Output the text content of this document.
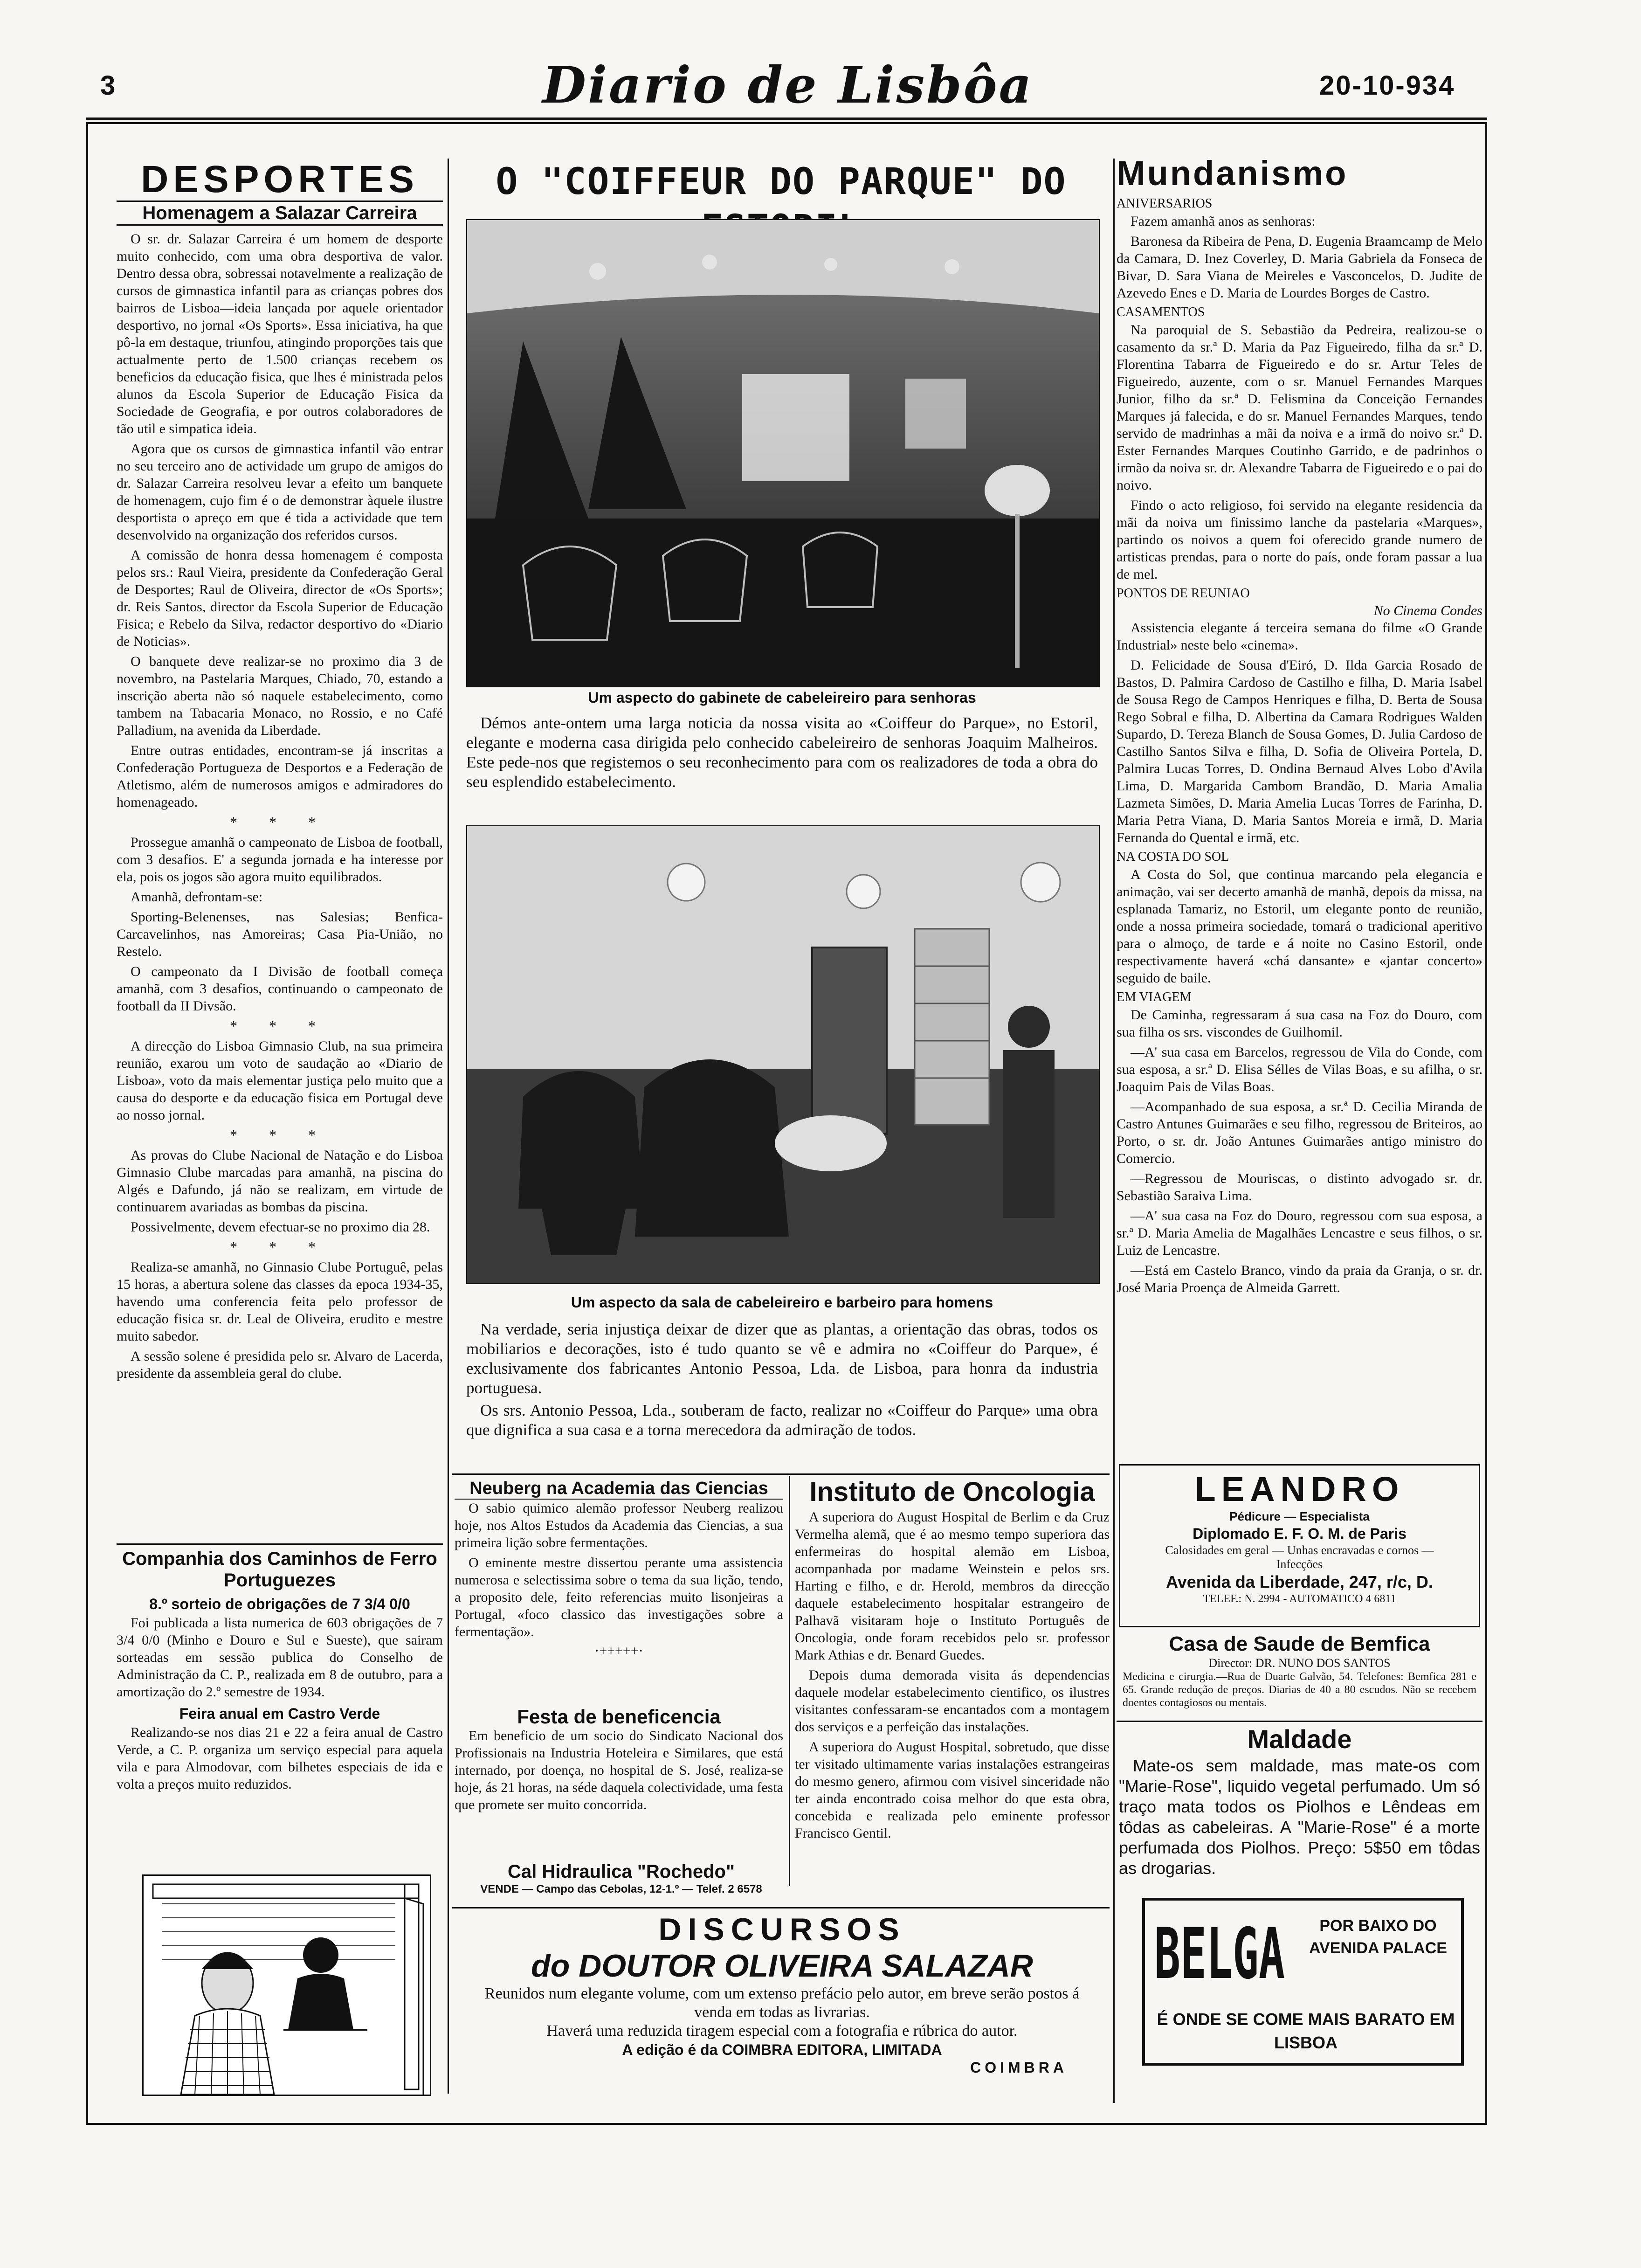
3	Diario de Lisbôa	20-10-934
DESPORTES
Homenagem a Salazar Carreira

O sr. dr. Salazar Carreira é um homem de desporte muito conhecido, com uma obra desportiva de valor. Dentro dessa obra, sobressai notavelmente a realização de cursos de gimnastica infantil para as crianças pobres dos bairros de Lisboa—ideia lançada por aquele orientador desportivo, no jornal «Os Sports». Essa iniciativa, ha que pô-la em destaque, triunfou, atingindo proporções tais que actualmente perto de 1.500 crianças recebem os beneficios da educação fisica, que lhes é ministrada pelos alunos da Escola Superior de Educação Fisica da Sociedade de Geografia, e por outros colaboradores de tão util e simpatica ideia.

Agora que os cursos de gimnastica infantil vão entrar no seu terceiro ano de actividade um grupo de amigos do dr. Salazar Carreira resolveu levar a efeito um banquete de homenagem, cujo fim é o de demonstrar àquele ilustre desportista o apreço em que é tida a actividade que tem desenvolvido na organização dos referidos cursos.

A comissão de honra dessa homenagem é composta pelos srs.: Raul Vieira, presidente da Confederação Geral de Desportes; Raul de Oliveira, director de «Os Sports»; dr. Reis Santos, director da Escola Superior de Educação Fisica; e Rebelo da Silva, redactor desportivo do «Diario de Noticias».

O banquete deve realizar-se no proximo dia 3 de novembro, na Pastelaria Marques, Chiado, 70, estando a inscrição aberta não só naquele estabelecimento, como tambem na Tabacaria Monaco, no Rossio, e no Café Palladium, na avenida da Liberdade.

Entre outras entidades, encontram-se já inscritas a Confederação Portugueza de Desportos e a Federação de Atletismo, além de numerosos amigos e admiradores do homenageado.

* * *

Prossegue amanhã o campeonato de Lisboa de football, com 3 desafios. E' a segunda jornada e ha interesse por ela, pois os jogos são agora muito equilibrados.

Amanhã, defrontam-se:

Sporting-Belenenses, nas Salesias; Benfica-Carcavelinhos, nas Amoreiras; Casa Pia-União, no Restelo.

O campeonato da I Divisão de football começa amanhã, com 3 desafios, continuando o campeonato de football da II Divsão.

* * *

A direcção do Lisboa Gimnasio Club, na sua primeira reunião, exarou um voto de saudação ao «Diario de Lisboa», voto da mais elementar justiça pelo muito que a causa do desporte e da educação fisica em Portugal deve ao nosso jornal.

* * *

As provas do Clube Nacional de Natação e do Lisboa Gimnasio Clube marcadas para amanhã, na piscina do Algés e Dafundo, já não se realizam, em virtude de continuarem avariadas as bombas da piscina.

Possivelmente, devem efectuar-se no proximo dia 28.

* * *

Realiza-se amanhã, no Ginnasio Clube Portuguê, pelas 15 horas, a abertura solene das classes da epoca 1934-35, havendo uma conferencia feita pelo professor de educação fisica sr. dr. Leal de Oliveira, erudito e mestre muito sabedor.

A sessão solene é presidida pelo sr. Alvaro de Lacerda, presidente da assembleia geral do clube.

Companhia dos Caminhos de Ferro Portuguezes
8.º sorteio de obrigações de 7 3/4 0/0

Foi publicada a lista numerica de 603 obrigações de 7 3/4 0/0 (Minho e Douro e Sul e Sueste), que sairam sorteadas em sessão publica do Conselho de Administração da C. P., realizada em 8 de outubro, para a amortização do 2.º semestre de 1934.

Feira anual em Castro Verde

Realizando-se nos dias 21 e 22 a feira anual de Castro Verde, a C. P. organiza um serviço especial para aquela vila e para Almodovar, com bilhetes especiais de ida e volta a preços muito reduzidos.

O "COIFFEUR DO PARQUE" DO
Um aspecto do gabinete de cabeleireiro para senhoras

Démos ante-ontem uma larga noticia da nossa visita ao «Coiffeur do Parque», no Estoril, elegante e moderna casa dirigida pelo conhecido cabeleireiro de senhoras Joaquim Malheiros. Este pede-nos que registemos o seu reconhecimento para com os realizadores de toda a obra do seu esplendido estabelecimento.

Um aspecto da sala de cabeleireiro e barbeiro para homens

Na verdade, seria injustiça deixar de dizer que as plantas, a orientação das obras, todos os mobiliarios e decorações, isto é tudo quanto se vê e admira no «Coiffeur do Parque», é exclusivamente dos fabricantes Antonio Pessoa, Lda. de Lisboa, para honra da industria portuguesa.

Os srs. Antonio Pessoa, Lda., souberam de facto, realizar no «Coiffeur do Parque» uma obra que dignifica a sua casa e a torna merecedora da admiração de todos.

Neuberg na Academia das Ciencias

O sabio quimico alemão professor Neuberg realizou hoje, nos Altos Estudos da Academia das Ciencias, a sua primeira lição sobre fermentações.

O eminente mestre dissertou perante uma assistencia numerosa e selectissima sobre o tema da sua lição, tendo, a proposito dele, feito referencias muito lisonjeiras a Portugal, «foco classico das investigações sobre a fermentação».

·+++++·
Festa de beneficencia

Em beneficio de um socio do Sindicato Nacional dos Profissionais na Industria Hoteleira e Similares, que está internado, por doença, no hospital de S. José, realiza-se hoje, ás 21 horas, na séde daquela colectividade, uma festa que promete ser muito concorrida.

Cal Hidraulica "Rochedo"
VENDE — Campo das Cebolas, 12-1.º — Telef. 2 6578
Instituto de Oncologia

A superiora do August Hospital de Berlim e da Cruz Vermelha alemã, que é ao mesmo tempo superiora das enfermeiras do hospital alemão em Lisboa, acompanhada por madame Weinstein e pelos srs. Harting e filho, e dr. Herold, membros da direcção daquele estabelecimento hospitalar estrangeiro de Palhavã visitaram hoje o Instituto Português de Oncologia, onde foram recebidos pelo sr. professor Mark Athias e dr. Benard Guedes.

Depois duma demorada visita ás dependencias daquele modelar estabelecimento cientifico, os ilustres visitantes confessaram-se encantados com a montagem dos serviços e a perfeição das instalações.

A superiora do August Hospital, sobretudo, que disse ter visitado ultimamente varias instalações estrangeiras do mesmo genero, afirmou com visivel sinceridade não ter ainda encontrado coisa melhor do que esta obra, concebida e realizada pelo eminente professor Francisco Gentil.

DISCURSOS
do DOUTOR OLIVEIRA SALAZAR
Reunidos num elegante volume, com um extenso prefácio pelo autor, em breve serão postos á venda em todas as livrarias.
Haverá uma reduzida tiragem especial com a fotografia e rúbrica do autor.
A edição é da COIMBRA EDITORA, LIMITADA
COIMBRA
Mundanismo
ANIVERSARIOS

Fazem amanhã anos as senhoras:

Baronesa da Ribeira de Pena, D. Eugenia Braamcamp de Melo da Camara, D. Inez Coverley, D. Maria Gabriela da Fonseca de Bivar, D. Sara Viana de Meireles e Vasconcelos, D. Judite de Azevedo Enes e D. Maria de Lourdes Borges de Castro.

CASAMENTOS

Na paroquial de S. Sebastião da Pedreira, realizou-se o casamento da sr.ª D. Maria da Paz Figueiredo, filha da sr.ª D. Florentina Tabarra de Figueiredo e do sr. Artur Teles de Figueiredo, auzente, com o sr. Manuel Fernandes Marques Junior, filho da sr.ª D. Felismina da Conceição Fernandes Marques já falecida, e do sr. Manuel Fernandes Marques, tendo servido de madrinhas a mãi da noiva e a irmã do noivo sr.ª D. Ester Fernandes Marques Coutinho Garrido, e de padrinhos o irmão da noiva sr. dr. Alexandre Tabarra de Figueiredo e o pai do noivo.

Findo o acto religioso, foi servido na elegante residencia da mãi da noiva um finissimo lanche da pastelaria «Marques», partindo os noivos a quem foi oferecido grande numero de artisticas prendas, para o norte do país, onde foram passar a lua de mel.

PONTOS DE REUNIAO
No Cinema Condes

Assistencia elegante á terceira semana do filme «O Grande Industrial» neste belo «cinema».

D. Felicidade de Sousa d'Eiró, D. Ilda Garcia Rosado de Bastos, D. Palmira Cardoso de Castilho e filha, D. Maria Isabel de Sousa Rego de Campos Henriques e filha, D. Berta de Sousa Rego Sobral e filha, D. Albertina da Camara Rodrigues Walden Supardo, D. Tereza Blanch de Sousa Gomes, D. Julia Cardoso de Castilho Santos Silva e filha, D. Sofia de Oliveira Portela, D. Palmira Lucas Torres, D. Ondina Bernaud Alves Lobo d'Avila Lima, D. Margarida Cambom Brandão, D. Maria Amalia Lazmeta Simões, D. Maria Amelia Lucas Torres de Farinha, D. Maria Petra Viana, D. Maria Santos Moreia e irmã, D. Maria Fernanda do Quental e irmã, etc.

NA COSTA DO SOL

A Costa do Sol, que continua marcando pela elegancia e animação, vai ser decerto amanhã de manhã, depois da missa, na esplanada Tamariz, no Estoril, um elegante ponto de reunião, onde a nossa primeira sociedade, tomará o tradicional aperitivo para o almoço, de tarde e á noite no Casino Estoril, onde respectivamente haverá «chá dansante» e «jantar concerto» seguido de baile.

EM VIAGEM

De Caminha, regressaram á sua casa na Foz do Douro, com sua filha os srs. viscondes de Guilhomil.

—A' sua casa em Barcelos, regressou de Vila do Conde, com sua esposa, a sr.ª D. Elisa Sélles de Vilas Boas, e su afilha, o sr. Joaquim Pais de Vilas Boas.

—Acompanhado de sua esposa, a sr.ª D. Cecilia Miranda de Castro Antunes Guimarães e seu filho, regressou de Briteiros, ao Porto, o sr. dr. João Antunes Guimarães antigo ministro do Comercio.

—Regressou de Mouriscas, o distinto advogado sr. dr. Sebastião Saraiva Lima.

—A' sua casa na Foz do Douro, regressou com sua esposa, a sr.ª D. Maria Amelia de Magalhães Lencastre e seus filhos, o sr. Luiz de Lencastre.

—Está em Castelo Branco, vindo da praia da Granja, o sr. dr. José Maria Proença de Almeida Garrett.

LEANDRO
Pédicure — Especialista
Diplomado E. F. O. M. de Paris
Calosidades em geral — Unhas encravadas e cornos — Infecções
Avenida da Liberdade, 247, r/c, D.
TELEF.: N. 2994 - AUTOMATICO 4 6811
Casa de Saude de Bemfica
Director: DR. NUNO DOS SANTOS
Medicina e cirurgia.—Rua de Duarte Galvão, 54. Telefones: Bemfica 281 e 65. Grande redução de preços. Diarias de 40 a 80 escudos. Não se recebem doentes contagiosos ou mentais.
Maldade

Mate-os sem maldade, mas mate-os com "Marie-Rose", liquido vegetal perfumado. Um só traço mata todos os Piolhos e Lêndeas em tôdas as cabeleiras. A "Marie-Rose" é a morte perfumada dos Piolhos. Preço: 5$50 em tôdas as drogarias.

BELGA	POR BAIXO DO AVENIDA PALACE
É ONDE SE COME MAIS BARATO EM LISBOA
